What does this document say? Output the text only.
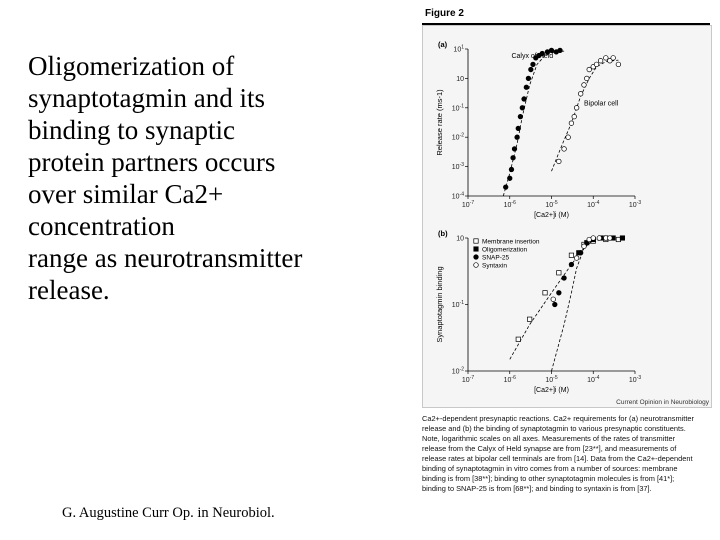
Oligomerization of
synaptotagmin and its
binding to synaptic
protein partners occurs
over similar Ca2+
concentration
range as neurotransmitter
release.
G. Augustine Curr Op. in Neurobiol.
Figure 2
(a)
$10^{-7}$	$10^{-6}$	$10^{-5}$	$10^{-4}$	$10^{-3}$
$10^{-4}$
$10^{-3}$
$10^{-2}$
$10^{-1}$
10
$10^1$
[Ca2+]i (M)
Release rate (ms-1)
Calyx of Held
Bipolar cell
(b)
$10^{-7}$	$10^{-6}$	$10^{-5}$	$10^{-4}$	$10^{-3}$
$10^{-2}$
$10^{-1}$
10
[Ca2+]i (M)
Synaptotagmin binding
Membrane insertion
Oligomerization
SNAP-25
Syntaxin
Current Opinion in Neurobiology
Ca2+-dependent presynaptic reactions. Ca2+ requirements for (a) neurotransmitter release and (b) the binding of synaptotagmin to various presynaptic constituents. Note, logarithmic scales on all axes. Measurements of the rates of transmitter release from the Calyx of Held synapse are from [23**], and measurements of release rates at bipolar cell terminals are from [14]. Data from the Ca2+-dependent binding of synaptotagmin in vitro comes from a number of sources: membrane binding is from [38**]; binding to other synaptotagmin molecules is from [41*]; binding to SNAP-25 is from [68**]; and binding to syntaxin is from [37].
